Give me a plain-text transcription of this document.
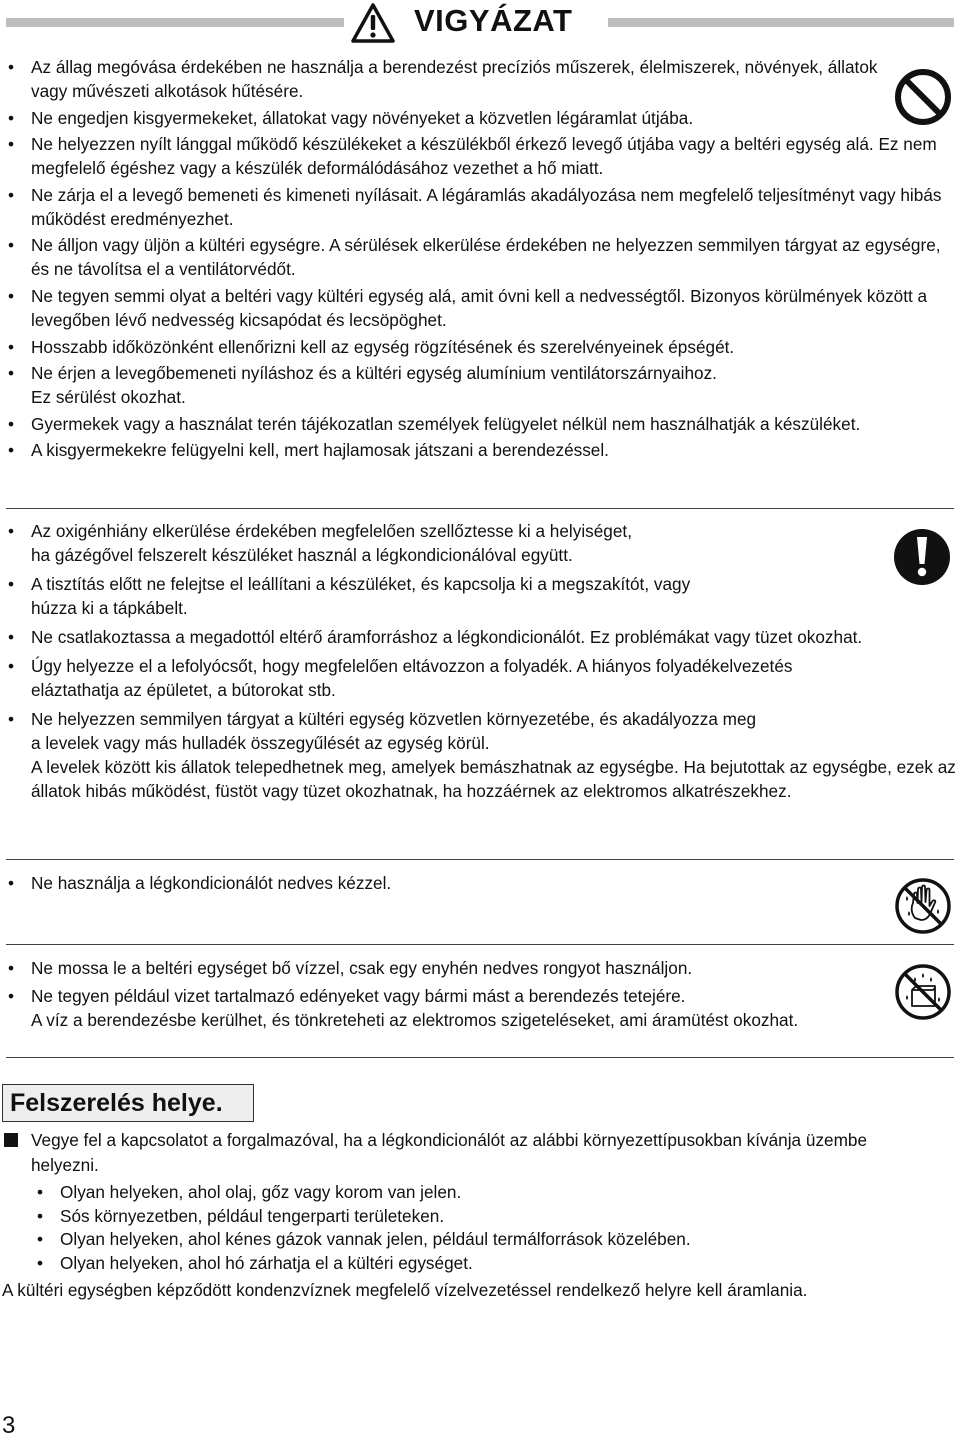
VIGYÁZAT
• Az állag megóvása érdekében ne használja a berendezést precíziós műszerek, élelmiszerek, növények, állatok vagy művészeti alkotások hűtésére.
• Ne engedjen kisgyermekeket, állatokat vagy növényeket a közvetlen légáramlat útjába.
• Ne helyezzen nyílt lánggal működő készülékeket a készülékből érkező levegő útjába vagy a beltéri egység alá. Ez nem megfelelő égéshez vagy a készülék deformálódásához vezethet a hő miatt.
• Ne zárja el a levegő bemeneti és kimeneti nyílásait. A légáramlás akadályozása nem megfelelő teljesítményt vagy hibás működést eredményezhet.
• Ne álljon vagy üljön a kültéri egységre. A sérülések elkerülése érdekében ne helyezzen semmilyen tárgyat az egységre, és ne távolítsa el a ventilátorvédőt.
• Ne tegyen semmi olyat a beltéri vagy kültéri egység alá, amit óvni kell a nedvességtől. Bizonyos körülmények között a levegőben lévő nedvesség kicsapódat és lecsöpöghet.
• Hosszabb időközönként ellenőrizni kell az egység rögzítésének és szerelvényeinek épségét.
• Ne érjen a levegőbemeneti nyíláshoz és a kültéri egység alumínium ventilátorszárnyaihoz.
Ez sérülést okozhat.
• Gyermekek vagy a használat terén tájékozatlan személyek felügyelet nélkül nem használhatják a készüléket.
• A kisgyermekekre felügyelni kell, mert hajlamosak játszani a berendezéssel.
• Az oxigénhiány elkerülése érdekében megfelelően szellőztesse ki a helyiséget,
ha gázégővel felszerelt készüléket használ a légkondicionálóval együtt.
• A tisztítás előtt ne felejtse el leállítani a készüléket, és kapcsolja ki a megszakítót, vagy
húzza ki a tápkábelt.
• Ne csatlakoztassa a megadottól eltérő áramforráshoz a légkondicionálót. Ez problémákat vagy tüzet okozhat.
• Úgy helyezze el a lefolyócsőt, hogy megfelelően eltávozzon a folyadék. A hiányos folyadékelvezetés eláztathatja az épületet, a bútorokat stb.
• Ne helyezzen semmilyen tárgyat a kültéri egység közvetlen környezetébe, és akadályozza meg
a levelek vagy más hulladék összegyűlését az egység körül.
A levelek között kis állatok telepedhetnek meg, amelyek bemászhatnak az egységbe. Ha bejutottak az egységbe, ezek az állatok hibás működést, füstöt vagy tüzet okozhatnak, ha hozzáérnek az elektromos alkatrészekhez.
• Ne használja a légkondicionálót nedves kézzel.
• Ne mossa le a beltéri egységet bő vízzel, csak egy enyhén nedves rongyot használjon.
• Ne tegyen például vizet tartalmazó edényeket vagy bármi mást a berendezés tetejére.
A víz a berendezésbe kerülhet, és tönkreteheti az elektromos szigeteléseket, ami áramütést okozhat.
Felszerelés helye.
Vegye fel a kapcsolatot a forgalmazóval, ha a légkondicionálót az alábbi környezettípusokban kívánja üzembe helyezni.
• Olyan helyeken, ahol olaj, gőz vagy korom van jelen.
• Sós környezetben, például tengerparti területeken.
• Olyan helyeken, ahol kénes gázok vannak jelen, például termálforrások közelében.
• Olyan helyeken, ahol hó zárhatja el a kültéri egységet.
A kültéri egységben képződött kondenzvíznek megfelelő vízelvezetéssel rendelkező helyre kell áramlania.
3
